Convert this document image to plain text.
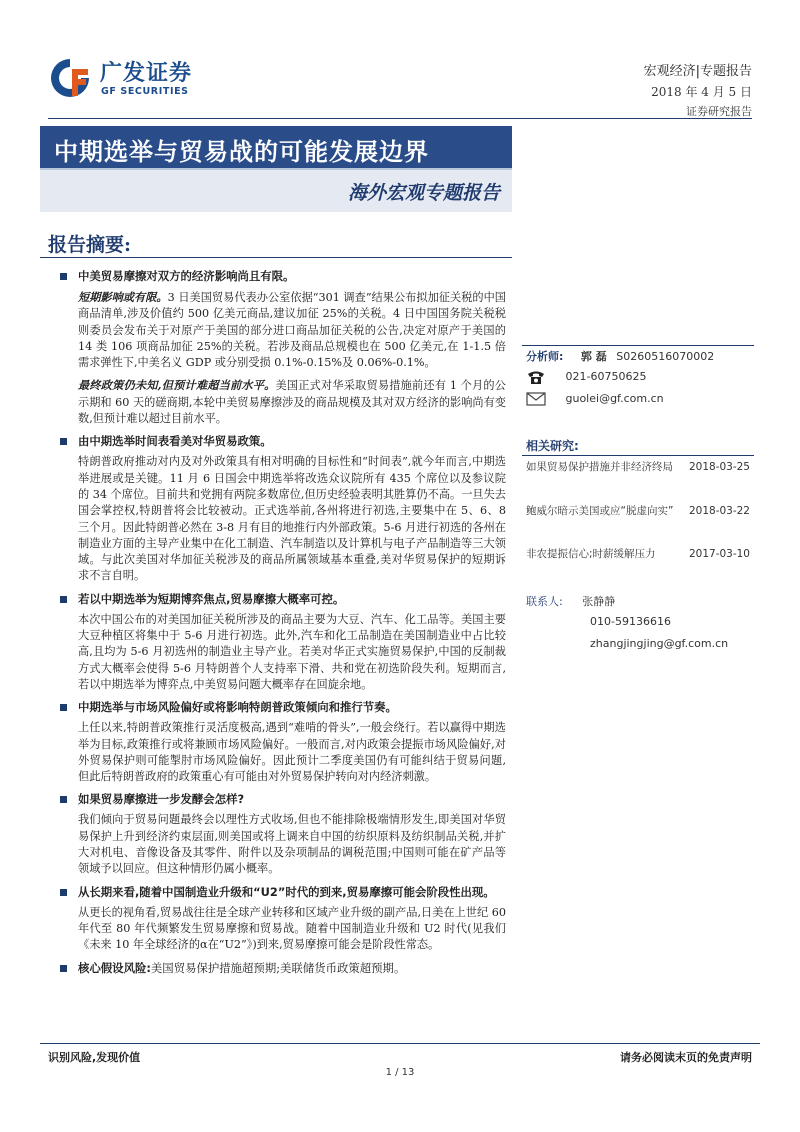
广发证券
GF SECURITIES
宏观经济|专题报告
2018 年 4 月 5 日
证券研究报告
中期选举与贸易战的可能发展边界
海外宏观专题报告
报告摘要:
中美贸易摩擦对双方的经济影响尚且有限。
短期影响或有限。3 日美国贸易代表办公室依据“301 调查”结果公布拟加征关税的中国商品清单,涉及价值约 500 亿美元商品,建议加征 25%的关税。4 日中国国务院关税税则委员会发布关于对原产于美国的部分进口商品加征关税的公告,决定对原产于美国的 14 类 106 项商品加征 25%的关税。若涉及商品总规模也在 500 亿美元,在 1-1.5 倍需求弹性下,中美名义 GDP 或分别受损 0.1%-0.15%及 0.06%-0.1%。
最终政策仍未知,但预计难超当前水平。美国正式对华采取贸易措施前还有 1 个月的公示期和 60 天的磋商期,本轮中美贸易摩擦涉及的商品规模及其对双方经济的影响尚有变数,但预计难以超过目前水平。
由中期选举时间表看美对华贸易政策。
特朗普政府推动对内及对外政策具有相对明确的目标性和“时间表”,就今年而言,中期选举进展或是关键。11 月 6 日国会中期选举将改选众议院所有 435 个席位以及参议院的 34 个席位。目前共和党拥有两院多数席位,但历史经验表明其胜算仍不高。一旦失去国会掌控权,特朗普将会比较被动。正式选举前,各州将进行初选,主要集中在 5、6、8 三个月。因此特朗普必然在 3-8 月有目的地推行内外部政策。5-6 月进行初选的各州在制造业方面的主导产业集中在化工制造、汽车制造以及计算机与电子产品制造等三大领域。与此次美国对华加征关税涉及的商品所属领域基本重叠,美对华贸易保护的短期诉求不言自明。
若以中期选举为短期博弈焦点,贸易摩擦大概率可控。
本次中国公布的对美国加征关税所涉及的商品主要为大豆、汽车、化工品等。美国主要大豆种植区将集中于 5-6 月进行初选。此外,汽车和化工品制造在美国制造业中占比较高,且均为 5-6 月初选州的制造业主导产业。若美对华正式实施贸易保护,中国的反制裁方式大概率会使得 5-6 月特朗普个人支持率下滑、共和党在初选阶段失利。短期而言,若以中期选举为博弈点,中美贸易问题大概率存在回旋余地。
中期选举与市场风险偏好或将影响特朗普政策倾向和推行节奏。
上任以来,特朗普政策推行灵活度极高,遇到“难啃的骨头”,一般会绕行。若以赢得中期选举为目标,政策推行或将兼顾市场风险偏好。一般而言,对内政策会提振市场风险偏好,对外贸易保护则可能掣肘市场风险偏好。因此预计二季度美国仍有可能纠结于贸易问题,但此后特朗普政府的政策重心有可能由对外贸易保护转向对内经济刺激。
如果贸易摩擦进一步发酵会怎样?
我们倾向于贸易问题最终会以理性方式收场,但也不能排除极端情形发生,即美国对华贸易保护上升到经济约束层面,则美国或将上调来自中国的纺织原料及纺织制品关税,并扩大对机电、音像设备及其零件、附件以及杂项制品的调税范围;中国则可能在矿产品等领域予以回应。但这种情形仍属小概率。
从长期来看,随着中国制造业升级和“U2”时代的到来,贸易摩擦可能会阶段性出现。
从更长的视角看,贸易战往往是全球产业转移和区域产业升级的副产品,日美在上世纪 60 年代至 80 年代频繁发生贸易摩擦和贸易战。随着中国制造业升级和 U2 时代(见我们《未来 10 年全球经济的α在“U2”》)到来,贸易摩擦可能会是阶段性常态。
核心假设风险:美国贸易保护措施超预期;美联储货币政策超预期。
分析师: 郭 磊 S0260516070002
021-60750625
guolei@gf.com.cn
相关研究:
如果贸易保护措施并非经济终局 2018-03-25
鲍威尔暗示美国或应“脱虚向实” 2018-03-22
非农提振信心;时薪缓解压力	2017-03-10
联系人: 张静静
010-59136616
zhangjingjing@gf.com.cn
识别风险,发现价值	请务必阅读末页的免责声明
1 / 13
